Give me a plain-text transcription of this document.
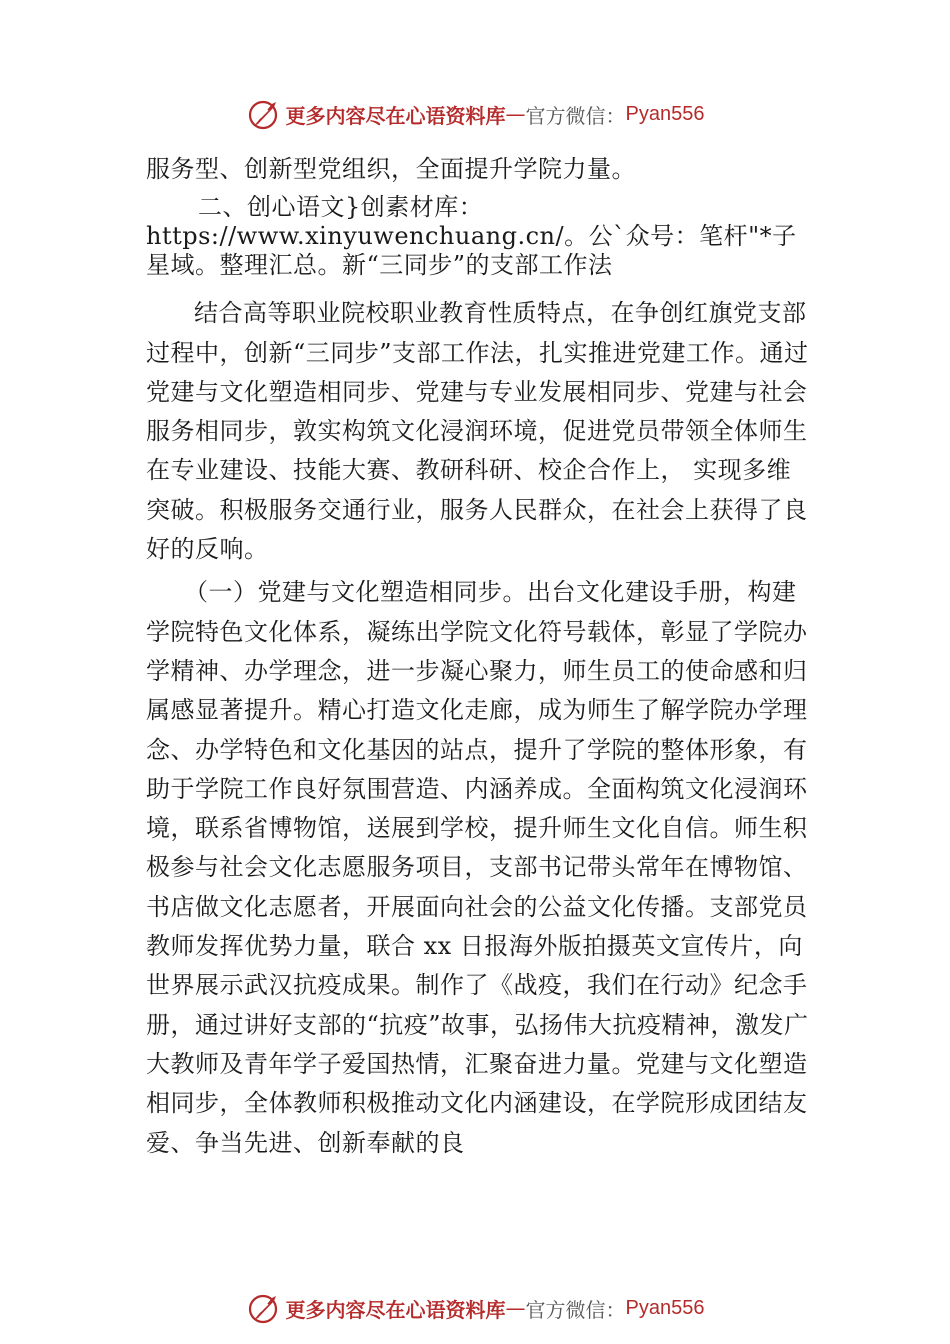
更多内容尽在心语资料库 — 官方微信： Pyan556

服务型、创新型党组织，全面提升学院力量。

二、创心语文}创素材库：https://www.xinyuwenchuang.cn/。公`众号：笔杆"*子星域。整理汇总。新“三同步”的支部工作法

结合高等职业院校职业教育性质特点，在争创红旗党支部过程中，创新“三同步”支部工作法，扎实推进党建工作。通过党建与文化塑造相同步、党建与专业发展相同步、党建与社会服务相同步，敦实构筑文化浸润环境，促进党员带领全体师生在专业建设、技能大赛、教研科研、校企合作上， 实现多维突破。积极服务交通行业，服务人民群众，在社会上获得了良好的反响。

（一）党建与文化塑造相同步。出台文化建设手册，构建学院特色文化体系，凝练出学院文化符号载体，彰显了学院办学精神、办学理念，进一步凝心聚力，师生员工的使命感和归属感显著提升。精心打造文化走廊，成为师生了解学院办学理念、办学特色和文化基因的站点，提升了学院的整体形象，有助于学院工作良好氛围营造、内涵养成。全面构筑文化浸润环境，联系省博物馆，送展到学校，提升师生文化自信。师生积极参与社会文化志愿服务项目，支部书记带头常年在博物馆、书店做文化志愿者，开展面向社会的公益文化传播。支部党员教师发挥优势力量，联合 xx 日报海外版拍摄英文宣传片，向世界展示武汉抗疫成果。制作了《战疫，我们在行动》纪念手册，通过讲好支部的“抗疫”故事，弘扬伟大抗疫精神，激发广大教师及青年学子爱国热情，汇聚奋进力量。党建与文化塑造相同步，全体教师积极推动文化内涵建设，在学院形成团结友爱、争当先进、创新奉献的良

更多内容尽在心语资料库 — 官方微信： Pyan556
